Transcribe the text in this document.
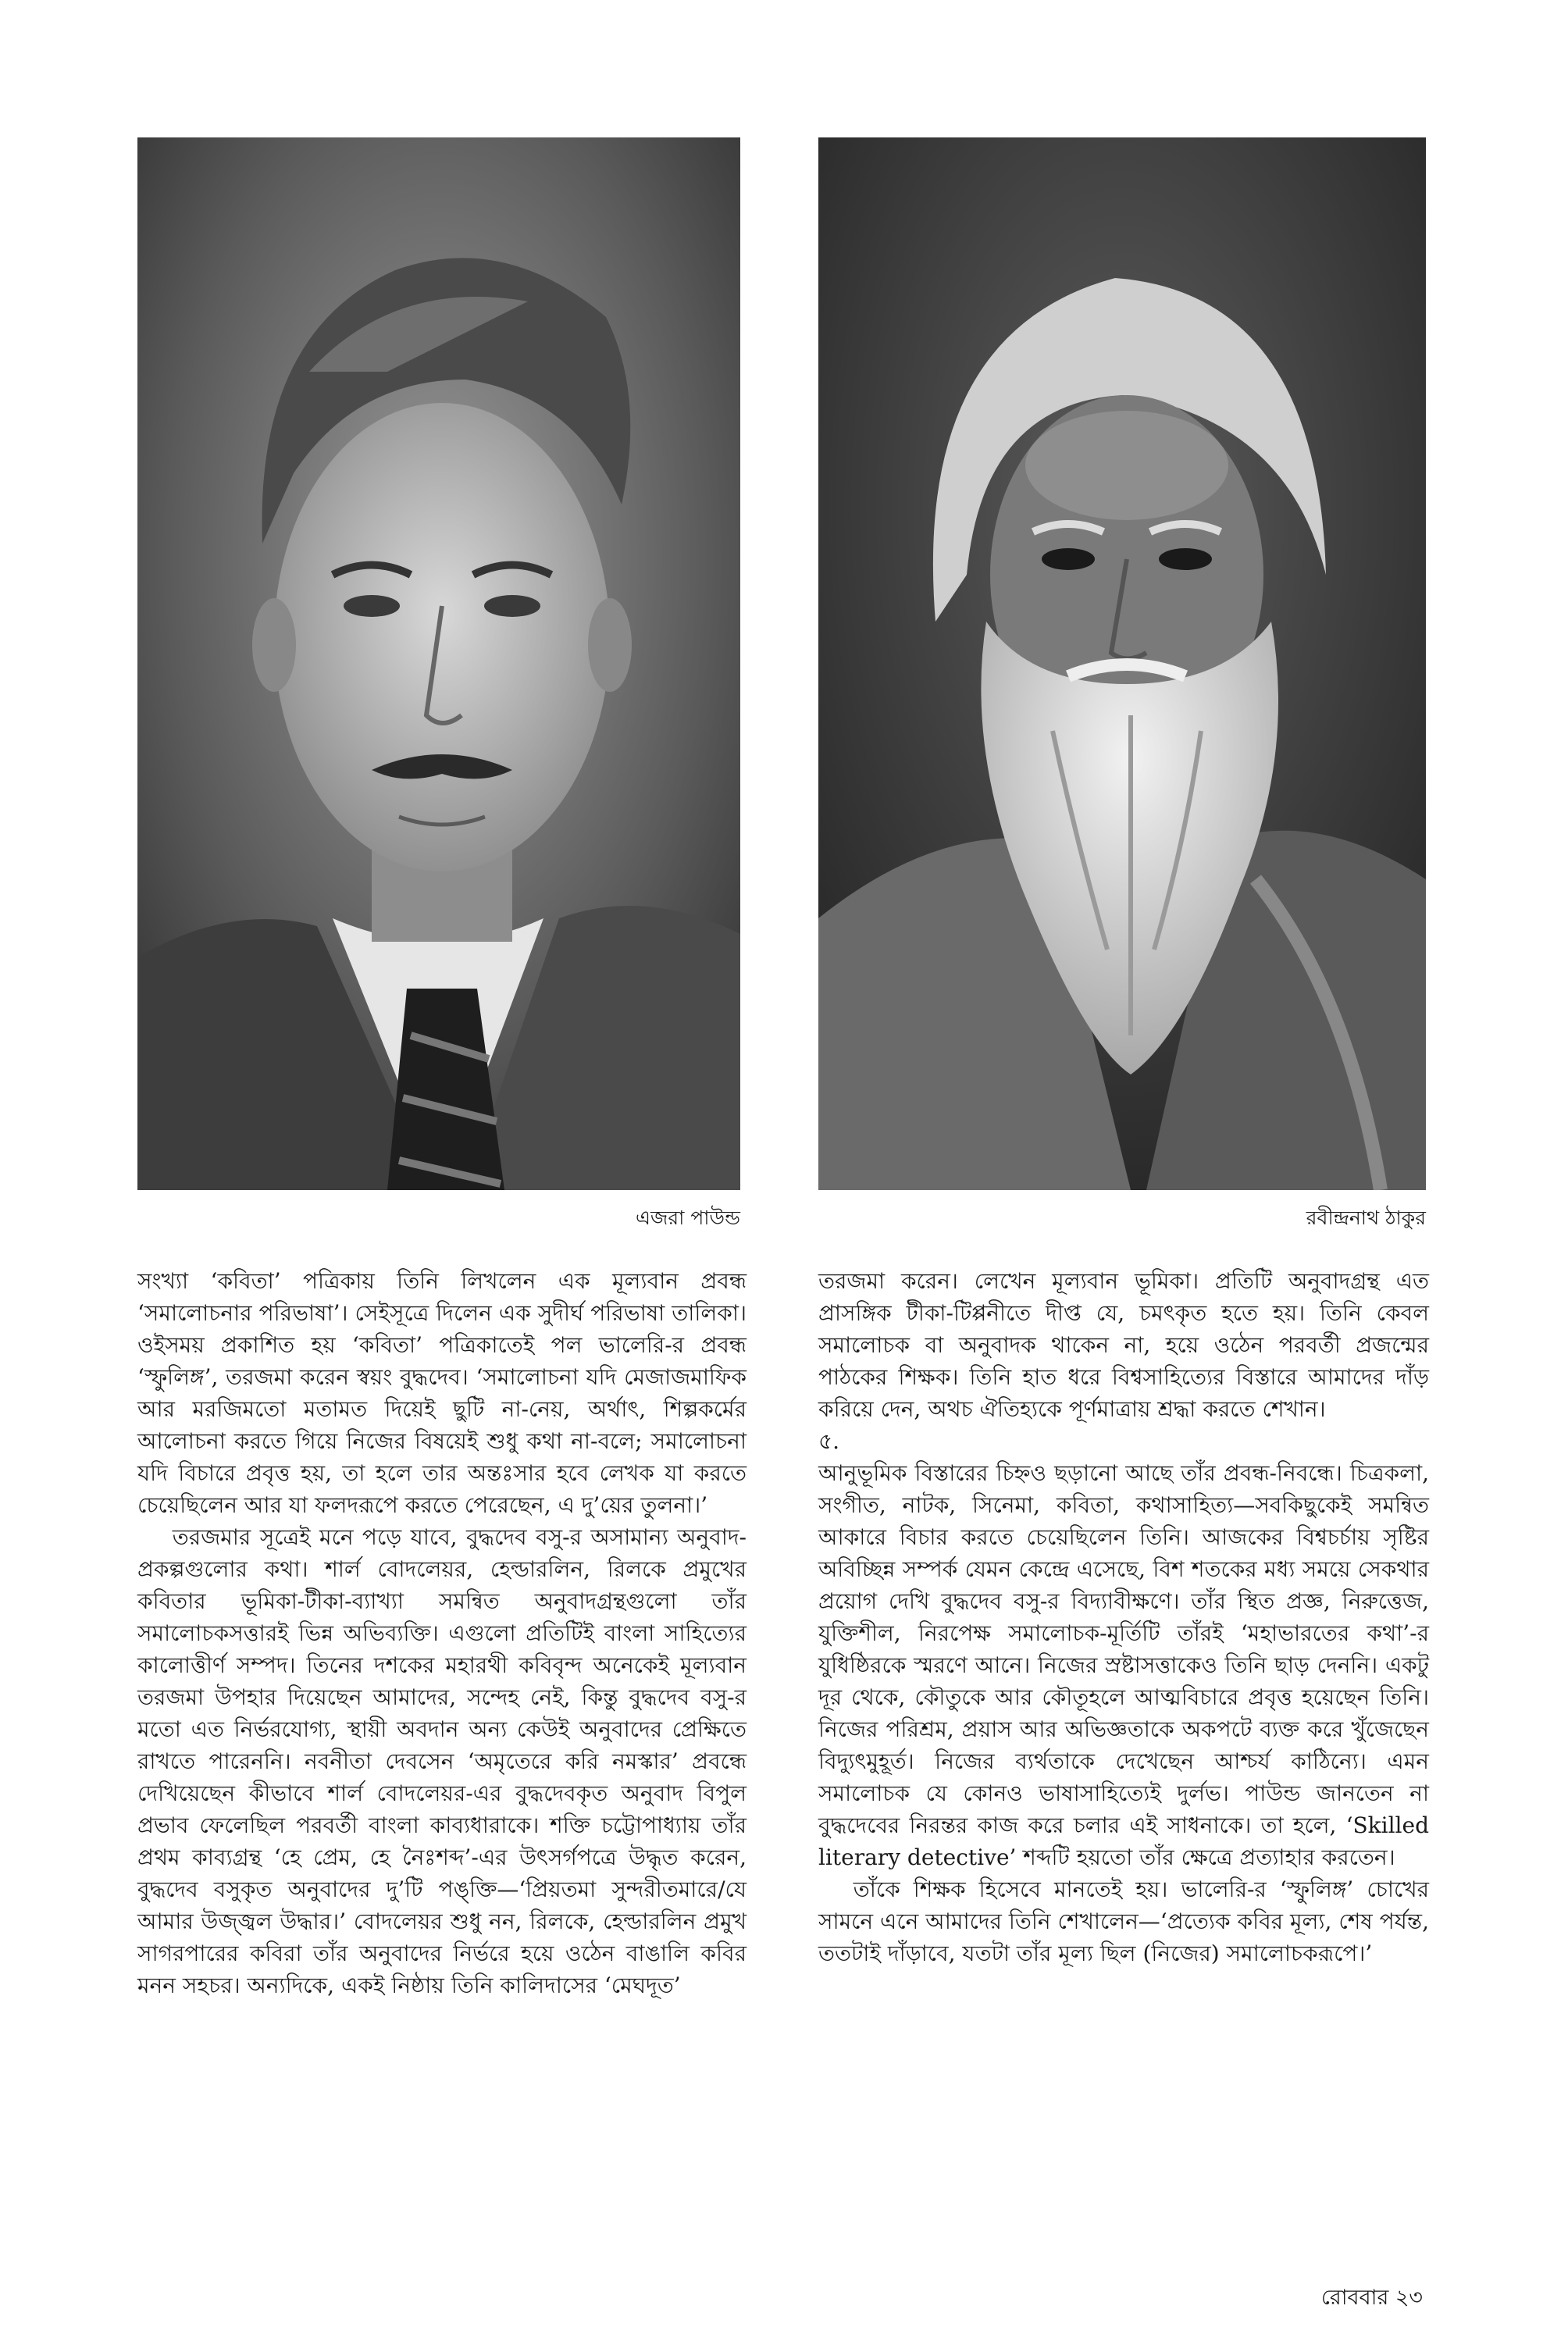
এজরা পাউন্ড	রবীন্দ্রনাথ ঠাকুর

সংখ্যা ‘কবিতা’ পত্রিকায় তিনি লিখলেন এক মূল্যবান প্রবন্ধ ‘সমালোচনার পরিভাষা’। সেইসূত্রে দিলেন এক সুদীর্ঘ পরিভাষা তালিকা। ওইসময় প্রকাশিত হয় ‘কবিতা’ পত্রিকাতেই পল ভালেরি-র প্রবন্ধ ‘স্ফুলিঙ্গ’, তরজমা করেন স্বয়ং বুদ্ধদেব। ‘সমালোচনা যদি মেজাজমাফিক আর মরজিমতো মতামত দিয়েই ছুটি না-নেয়, অর্থাৎ, শিল্পকর্মের আলোচনা করতে গিয়ে নিজের বিষয়েই শুধু কথা না-বলে; সমালোচনা যদি বিচারে প্রবৃত্ত হয়, তা হলে তার অন্তঃসার হবে লেখক যা করতে চেয়েছিলেন আর যা ফলদরূপে করতে পেরেছেন, এ দু’য়ের তুলনা।’

তরজমার সূত্রেই মনে পড়ে যাবে, বুদ্ধদেব বসু-র অসামান্য অনুবাদ-প্রকল্পগুলোর কথা। শার্ল বোদলেয়র, হেল্ডারলিন, রিলকে প্রমুখের কবিতার ভূমিকা-টীকা-ব্যাখ্যা সমন্বিত অনুবাদগ্রন্থগুলো তাঁর সমালোচকসত্তারই ভিন্ন অভিব্যক্তি। এগুলো প্রতিটিই বাংলা সাহিত্যের কালোত্তীর্ণ সম্পদ। তিনের দশকের মহারথী কবিবৃন্দ অনেকেই মূল্যবান তরজমা উপহার দিয়েছেন আমাদের, সন্দেহ নেই, কিন্তু বুদ্ধদেব বসু-র মতো এত নির্ভরযোগ্য, স্থায়ী অবদান অন্য কেউই অনুবাদের প্রেক্ষিতে রাখতে পারেননি। নবনীতা দেবসেন ‘অমৃতেরে করি নমস্কার’ প্রবন্ধে দেখিয়েছেন কীভাবে শার্ল বোদলেয়র-এর বুদ্ধদেবকৃত অনুবাদ বিপুল প্রভাব ফেলেছিল পরবর্তী বাংলা কাব্যধারাকে। শক্তি চট্টোপাধ্যায় তাঁর প্রথম কাব্যগ্রন্থ ‘হে প্রেম, হে নৈঃশব্দ’-এর উৎসর্গপত্রে উদ্ধৃত করেন, বুদ্ধদেব বসুকৃত অনুবাদের দু’টি পঙ্‌ক্তি—‘প্রিয়তমা সুন্দরীতমারে/যে আমার উজ্জ্বল উদ্ধার।’ বোদলেয়র শুধু নন, রিলকে, হেল্ডারলিন প্রমুখ সাগরপারের কবিরা তাঁর অনুবাদের নির্ভরে হয়ে ওঠেন বাঙালি কবির মনন সহচর। অন্যদিকে, একই নিষ্ঠায় তিনি কালিদাসের ‘মেঘদূত’

তরজমা করেন। লেখেন মূল্যবান ভূমিকা। প্রতিটি অনুবাদগ্রন্থ এত প্রাসঙ্গিক টীকা-টিপ্পনীতে দীপ্ত যে, চমৎকৃত হতে হয়। তিনি কেবল সমালোচক বা অনুবাদক থাকেন না, হয়ে ওঠেন পরবর্তী প্রজন্মের পাঠকের শিক্ষক। তিনি হাত ধরে বিশ্বসাহিত্যের বিস্তারে আমাদের দাঁড় করিয়ে দেন, অথচ ঐতিহ্যকে পূর্ণমাত্রায় শ্রদ্ধা করতে শেখান।

৫.

আনুভূমিক বিস্তারের চিহ্নও ছড়ানো আছে তাঁর প্রবন্ধ-নিবন্ধে। চিত্রকলা, সংগীত, নাটক, সিনেমা, কবিতা, কথাসাহিত্য—সবকিছুকেই সমন্বিত আকারে বিচার করতে চেয়েছিলেন তিনি। আজকের বিশ্বচর্চায় সৃষ্টির অবিচ্ছিন্ন সম্পর্ক যেমন কেন্দ্রে এসেছে, বিশ শতকের মধ্য সময়ে সেকথার প্রয়োগ দেখি বুদ্ধদেব বসু-র বিদ্যাবীক্ষণে। তাঁর স্থিত প্রজ্ঞ, নিরুত্তেজ, যুক্তিশীল, নিরপেক্ষ সমালোচক-মূর্তিটি তাঁরই ‘মহাভারতের কথা’-র যুধিষ্ঠিরকে স্মরণে আনে। নিজের স্রষ্টাসত্তাকেও তিনি ছাড় দেননি। একটু দূর থেকে, কৌতুকে আর কৌতূহলে আত্মবিচারে প্রবৃত্ত হয়েছেন তিনি। নিজের পরিশ্রম, প্রয়াস আর অভিজ্ঞতাকে অকপটে ব্যক্ত করে খুঁজেছেন বিদ্যুৎমুহূর্ত। নিজের ব্যর্থতাকে দেখেছেন আশ্চর্য কাঠিন্যে। এমন সমালোচক যে কোনও ভাষাসাহিত্যেই দুর্লভ। পাউন্ড জানতেন না বুদ্ধদেবের নিরন্তর কাজ করে চলার এই সাধনাকে। তা হলে, ‘Skilled literary detective’ শব্দটি হয়তো তাঁর ক্ষেত্রে প্রত্যাহার করতেন।

তাঁকে শিক্ষক হিসেবে মানতেই হয়। ভালেরি-র ‘স্ফুলিঙ্গ’ চোখের সামনে এনে আমাদের তিনি শেখালেন—‘প্রত্যেক কবির মূল্য, শেষ পর্যন্ত, ততটাই দাঁড়াবে, যতটা তাঁর মূল্য ছিল (নিজের) সমালোচকরূপে।’

রোববার ২৩
